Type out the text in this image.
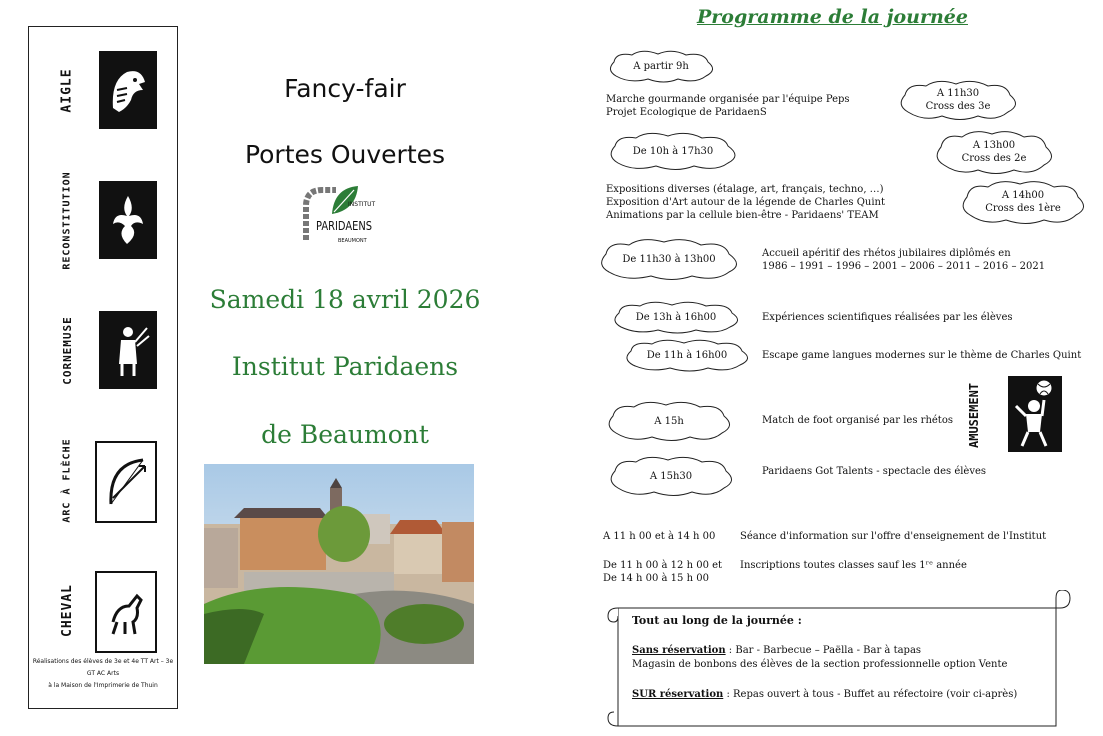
AIGLE
RECONSTITUTION
CORNEMUSE
ARC À FLÈCHE
CHEVAL
Réalisations des élèves de 3e et 4e TT Art – 3e GT AC Arts
à la Maison de l'Imprimerie de Thuin
Fancy-fair
Portes Ouvertes
INSTITUT
PARIDAENS
BEAUMONT
Samedi 18 avril 2026
Institut Paridaens
de Beaumont
Programme de la journée
A partir 9h
Marche gourmande organisée par l'équipe Peps
Projet Ecologique de ParidaenS
De 10h à 17h30
Expositions diverses (étalage, art, français, techno, …)
Exposition d'Art autour de la légende de Charles Quint
Animations par la cellule bien-être - Paridaens' TEAM
De 11h30 à 13h00	Accueil apéritif des rhétos jubilaires diplômés en
1986 – 1991 – 1996 – 2001 – 2006 – 2011 – 2016 – 2021
De 13h à 16h00	Expériences scientifiques réalisées par les élèves
De 11h à 16h00	Escape game langues modernes sur le thème de Charles Quint
AMUSEMENT
A 15h	Match de foot organisé par les rhétos
A 15h30	Paridaens Got Talents - spectacle des élèves
A 11h30
Cross des 3e
A 13h00
Cross des 2e
A 14h00
Cross des 1ère
A 11 h 00 et à 14 h 00 Séance d'information sur l'offre d'enseignement de l'Institut
De 11 h 00 à 12 h 00 et
De 14 h 00 à 15 h 00
Inscriptions toutes classes sauf les 1ʳᵉ année
Tout au long de la journée :
Sans réservation : Bar - Barbecue – Paëlla - Bar à tapas
Magasin de bonbons des élèves de la section professionnelle option Vente
SUR réservation : Repas ouvert à tous - Buffet au réfectoire (voir ci-après)
